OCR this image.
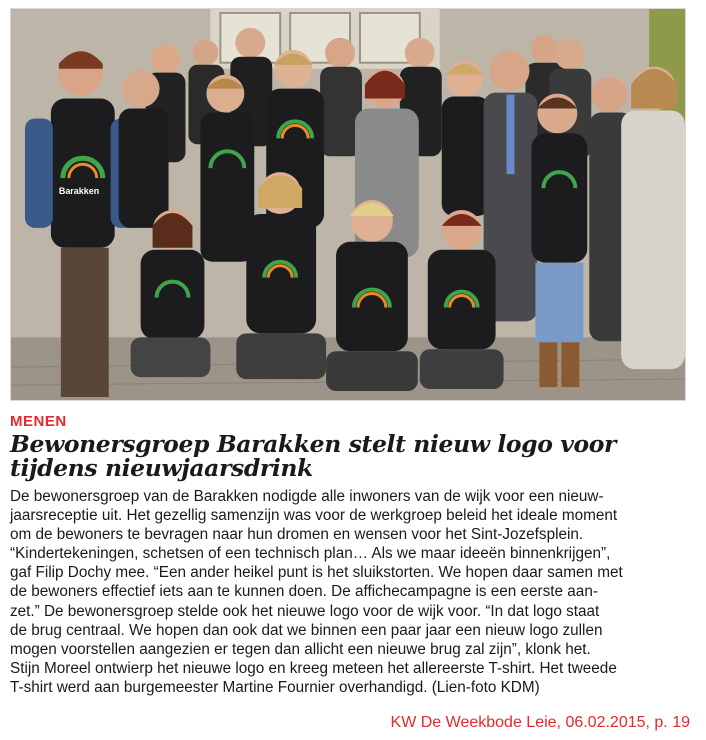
Barakken
MENEN
Bewonersgroep Barakken stelt nieuw logo voor tijdens nieuwjaarsdrink
De bewonersgroep van de Barakken nodigde alle inwoners van de wijk voor een nieuw-
jaarsreceptie uit. Het gezellig samenzijn was voor de werkgroep beleid het ideale moment
om de bewoners te bevragen naar hun dromen en wensen voor het Sint-Jozefsplein.
“Kindertekeningen, schetsen of een technisch plan… Als we maar ideeën binnenkrijgen”,
gaf Filip Dochy mee. “Een ander heikel punt is het sluikstorten. We hopen daar samen met
de bewoners effectief iets aan te kunnen doen. De affichecampagne is een eerste aan-
zet.” De bewonersgroep stelde ook het nieuwe logo voor de wijk voor. “In dat logo staat
de brug centraal. We hopen dan ook dat we binnen een paar jaar een nieuw logo zullen
mogen voorstellen aangezien er tegen dan allicht een nieuwe brug zal zijn”, klonk het.
Stijn Moreel ontwierp het nieuwe logo en kreeg meteen het allereerste T-shirt. Het tweede
T-shirt werd aan burgemeester Martine Fournier overhandigd. (Lien-foto KDM)
KW De Weekbode Leie, 06.02.2015, p. 19
